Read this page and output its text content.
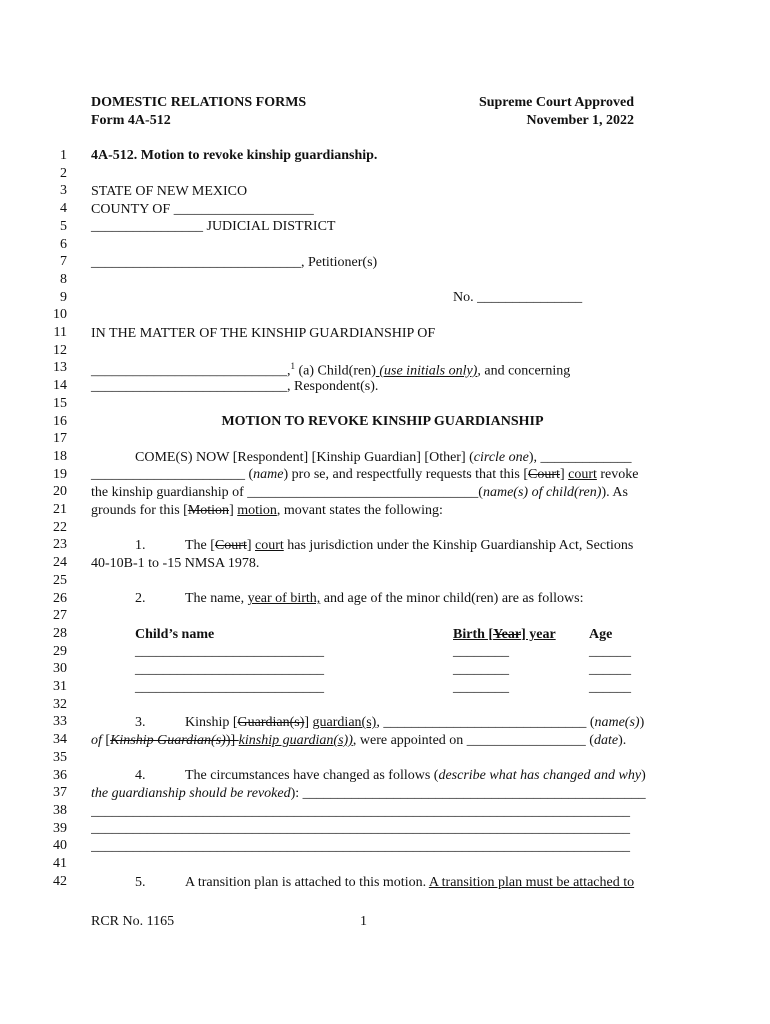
DOMESTIC RELATIONS FORMS
Form 4A-512
Supreme Court Approved
November 1, 2022
1
2
3
4
5
6
7
8
9
10
11
12
13
14
15
16
17
18
19
20
21
22
23
24
25
26
27
28
29
30
31
32
33
34
35
36
37
38
39
40
41
42
4A-512. Motion to revoke kinship guardianship.
STATE OF NEW MEXICO
COUNTY OF ____________________
________________ JUDICIAL DISTRICT
______________________________, Petitioner(s)
No. _______________
IN THE MATTER OF THE KINSHIP GUARDIANSHIP OF
____________________________,$^1$ (a) Child(ren) (use initials only), and concerning
____________________________, Respondent(s).
MOTION TO REVOKE KINSHIP GUARDIANSHIP
COME(S) NOW [Respondent] [Kinship Guardian] [Other] (circle one), _____________
______________________ (name) pro se, and respectfully requests that this [Court] court revoke
the kinship guardianship of _________________________________(name(s) of child(ren)). As
grounds for this [Motion] motion, movant states the following:
1.	The [Court] court has jurisdiction under the Kinship Guardianship Act, Sections
40-10B-1 to -15 NMSA 1978.
2.	The name, year of birth, and age of the minor child(ren) are as follows:
Child’s name	Birth [Year] year Age
___________________________	________	______
___________________________	________	______
___________________________	________	______
3.	Kinship [Guardian(s)] guardian(s), _____________________________ (name(s))
of [Kinship Guardian(s))] kinship guardian(s)), were appointed on _________________ (date).
4.	The circumstances have changed as follows (describe what has changed and why)
the guardianship should be revoked): _________________________________________________
_____________________________________________________________________________
_____________________________________________________________________________
_____________________________________________________________________________
5.	A transition plan is attached to this motion. A transition plan must be attached to
RCR No. 1165	1
